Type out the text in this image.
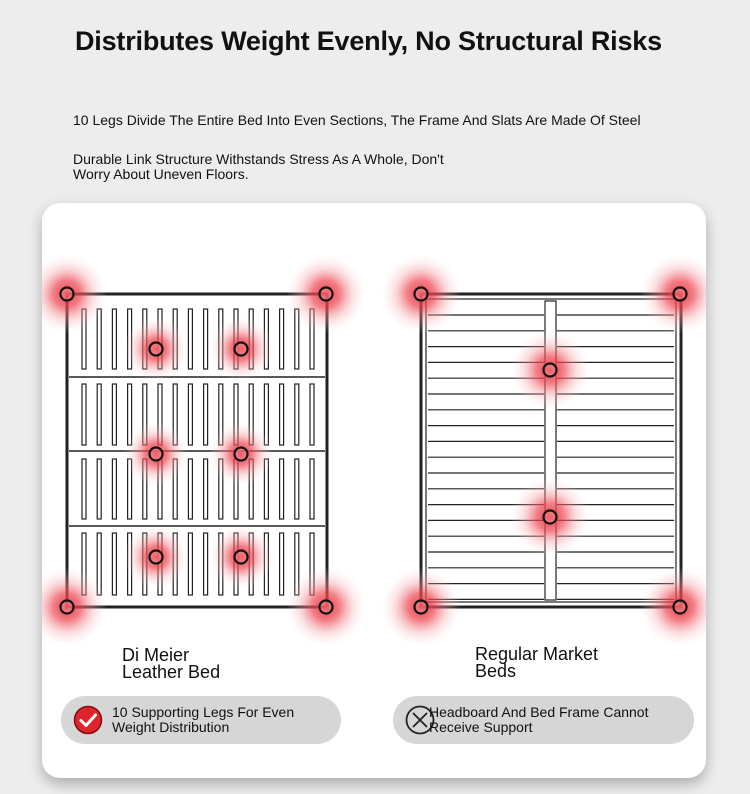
Distributes Weight Evenly, No Structural Risks

10 Legs Divide The Entire Bed Into Even Sections, The Frame And Slats Are Made Of Steel

Durable Link Structure Withstands Stress As A Whole, Don't Worry About Uneven Floors.

Di Meier
Leather Bed

Regular Market
Beds

10 Supporting Legs For Even
Weight Distribution
Headboard And Bed Frame Cannot
Receive Support
